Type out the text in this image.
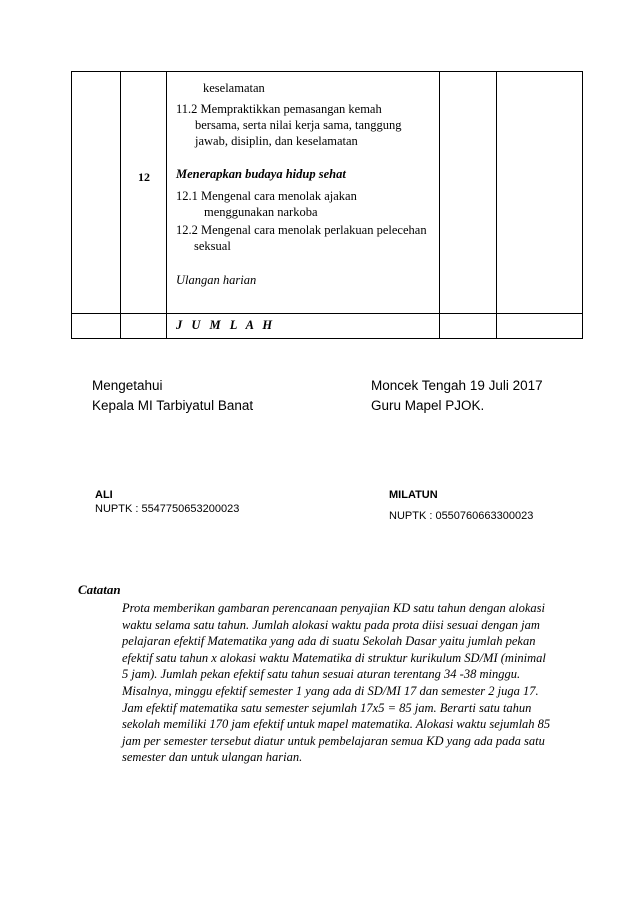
12
keselamatan
11.2 Mempraktikkan pemasangan kemah
bersama, serta nilai kerja sama, tanggung
jawab, disiplin, dan keselamatan
Menerapkan budaya hidup sehat
12.1 Mengenal cara menolak ajakan
menggunakan narkoba
12.2 Mengenal cara menolak perlakuan pelecehan
seksual
Ulangan harian
J U M L A H
Mengetahui
Kepala MI Tarbiyatul Banat
Moncek Tengah 19 Juli 2017
Guru Mapel PJOK.
ALI
NUPTK : 5547750653200023
MILATUN
NUPTK : 0550760663300023
Catatan
Prota memberikan gambaran perencanaan penyajian KD satu tahun dengan alokasi
waktu selama satu tahun. Jumlah alokasi waktu pada prota diisi sesuai dengan jam
pelajaran efektif Matematika yang ada di suatu Sekolah Dasar yaitu jumlah pekan
efektif satu tahun x alokasi waktu Matematika di struktur kurikulum SD/MI (minimal
5 jam). Jumlah pekan efektif satu tahun sesuai aturan terentang 34 -38 minggu.
Misalnya, minggu efektif semester 1 yang ada di SD/MI 17 dan semester 2 juga 17.
Jam efektif matematika satu semester sejumlah 17x5 = 85 jam. Berarti satu tahun
sekolah memiliki 170 jam efektif untuk mapel matematika. Alokasi waktu sejumlah 85
jam per semester tersebut diatur untuk pembelajaran semua KD yang ada pada satu
semester dan untuk ulangan harian.
